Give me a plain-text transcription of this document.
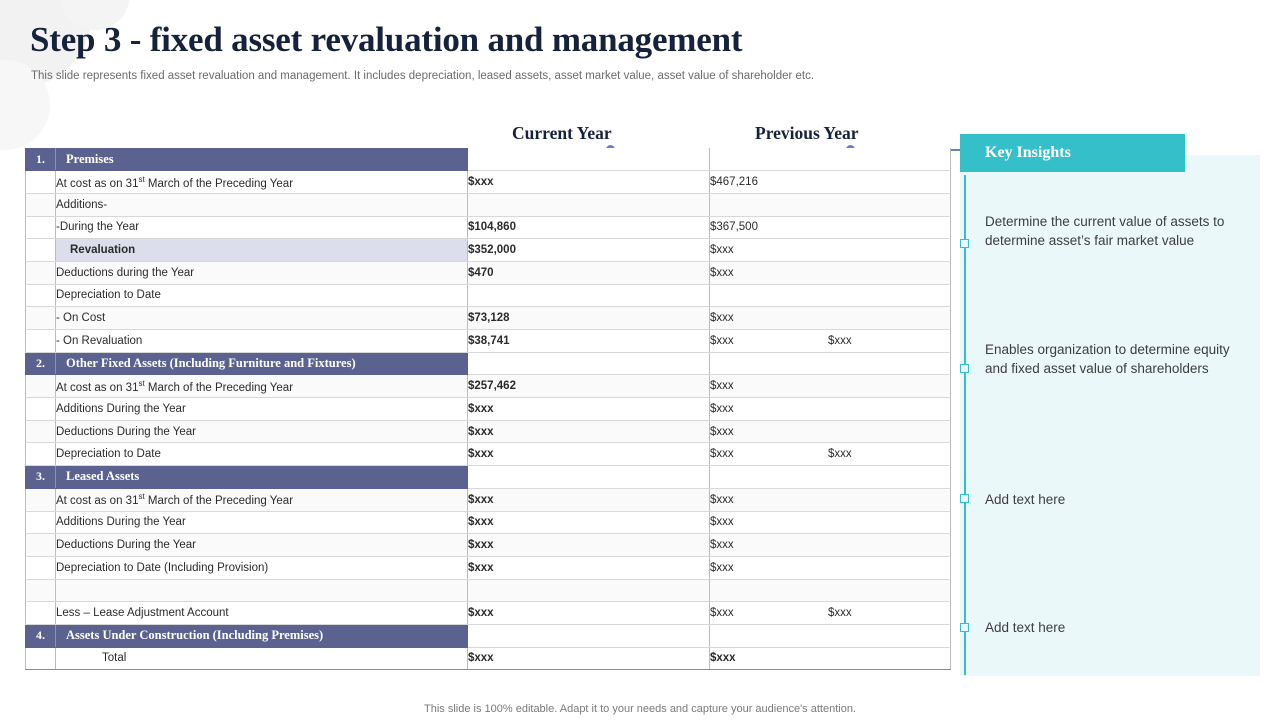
Step 3 - fixed asset revaluation and management
This slide represents fixed asset revaluation and management. It includes depreciation, leased assets, asset market value, asset value of shareholder etc.
Current Year	Previous Year
1.	Premises		

	At cost as on 31st March of the Preceding Year	$xxx	$467,216

	Additions-		

	-During the Year	$104,860	$367,500

	Revaluation	$352,000	$xxx

	Deductions during the Year	$470	$xxx

	Depreciation to Date		

	- On Cost	$73,128	$xxx

	- On Revaluation	$38,741	$xxx $xxx

2.	Other Fixed Assets (Including Furniture and Fixtures)		

	At cost as on 31st March of the Preceding Year	$257,462	$xxx

	Additions During the Year	$xxx	$xxx

	Deductions During the Year	$xxx	$xxx

	Depreciation to Date	$xxx	$xxx $xxx

3.	Leased Assets		

	At cost as on 31st March of the Preceding Year	$xxx	$xxx

	Additions During the Year	$xxx	$xxx

	Deductions During the Year	$xxx	$xxx

	Depreciation to Date (Including Provision)	$xxx	$xxx

	Less – Lease Adjustment Account	$xxx	$xxx $xxx

4.	Assets Under Construction (Including Premises)		

	Total	$xxx	$xxx
Key Insights
This slide is 100% editable. Adapt it to your needs and capture your audience's attention.
Determine the current value of assets to determine asset’s fair market value
Enables organization to determine equity and fixed asset value of shareholders
Add text here
Add text here
